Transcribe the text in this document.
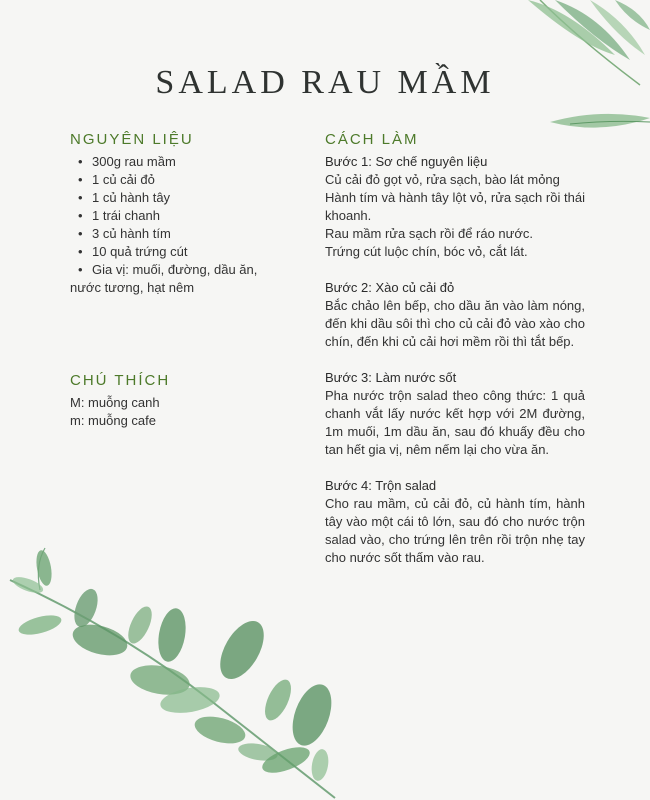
SALAD RAU MẦM
NGUYÊN LIỆU
• 300g rau mầm
• 1 củ cải đỏ
• 1 củ hành tây
• 1 trái chanh
• 3 củ hành tím
• 10 quả trứng cút
• Gia vị: muối, đường, dầu ăn,
nước tương, hạt nêm
CHÚ THÍCH

M: muỗng canh

m: muỗng cafe

CÁCH LÀM

Bước 1: Sơ chế nguyên liệu

Củ cải đỏ gọt vỏ, rửa sạch, bào lát mỏng

Hành tím và hành tây lột vỏ, rửa sạch rồi thái khoanh.

Rau mầm rửa sạch rồi để ráo nước.

Trứng cút luộc chín, bóc vỏ, cắt lát.

Bước 2: Xào củ cải đỏ

Bắc chảo lên bếp, cho dầu ăn vào làm nóng, đến khi dầu sôi thì cho củ cải đỏ vào xào cho chín, đến khi củ cải hơi mềm rồi thì tắt bếp.

Bước 3: Làm nước sốt

Pha nước trộn salad theo công thức: 1 quả chanh vắt lấy nước kết hợp với 2M đường, 1m muối, 1m dầu ăn, sau đó khuấy đều cho tan hết gia vị, nêm nếm lại cho vừa ăn.

Bước 4: Trộn salad

Cho rau mầm, củ cải đỏ, củ hành tím, hành tây vào một cái tô lớn, sau đó cho nước trộn salad vào, cho trứng lên trên rồi trộn nhẹ tay cho nước sốt thấm vào rau.
